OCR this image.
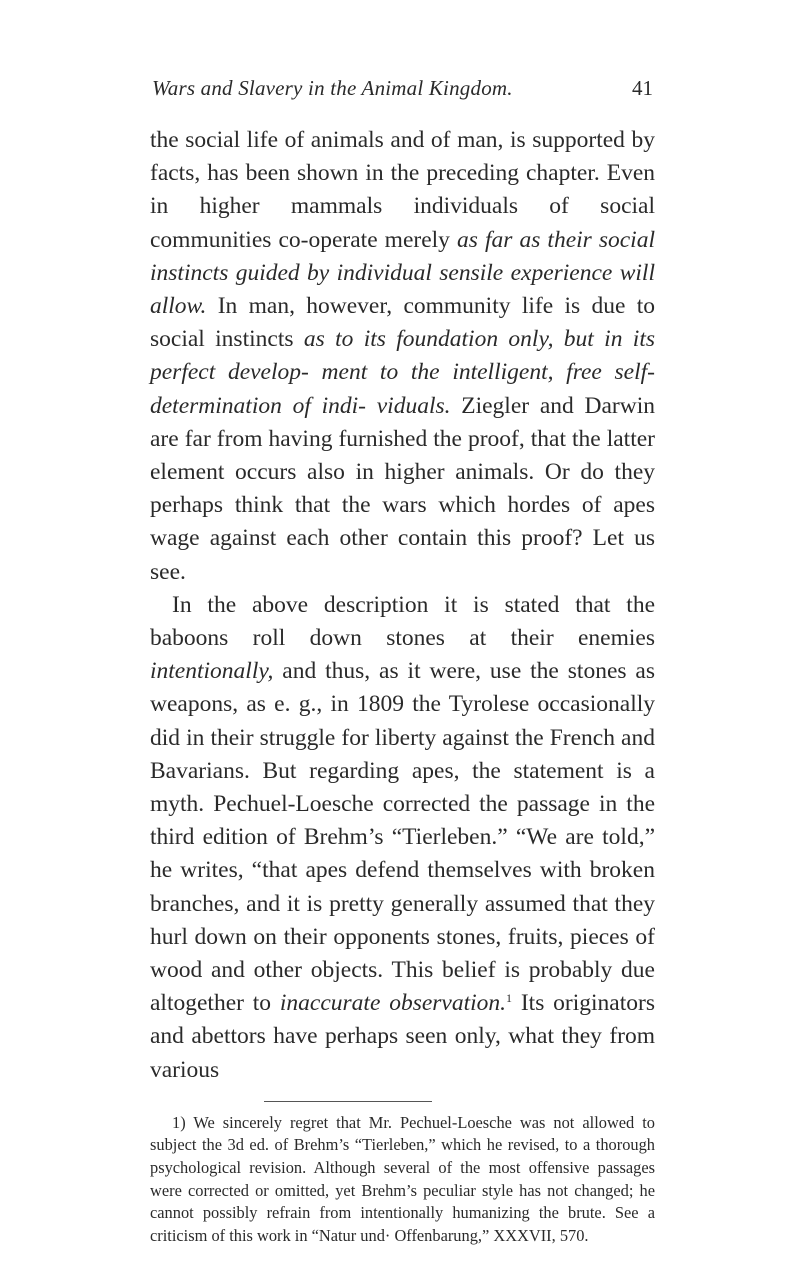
Wars and Slavery in the Animal Kingdom.	41

the social life of animals and of man, is supported by facts, has been shown in the preceding chapter. Even in higher mammals individuals of social communities co-operate merely as far as their social instincts guided by individual sensile experience will allow. In man, however, community life is due to social instincts as to its foundation only, but in its perfect develop- ment to the intelligent, free self-determination of indi- viduals. Ziegler and Darwin are far from having furnished the proof, that the latter element occurs also in higher animals. Or do they perhaps think that the wars which hordes of apes wage against each other contain this proof? Let us see.

In the above description it is stated that the baboons roll down stones at their enemies intentionally, and thus, as it were, use the stones as weapons, as e. g., in 1809 the Tyrolese occasionally did in their struggle for liberty against the French and Bavarians. But regarding apes, the statement is a myth. Pechuel-Loesche corrected the passage in the third edition of Brehm’s “Tierleben.” “We are told,” he writes, “that apes defend themselves with broken branches, and it is pretty generally assumed that they hurl down on their opponents stones, fruits, pieces of wood and other objects. This belief is probably due altogether to inaccurate observation.$^1$ Its originators and abettors have perhaps seen only, what they from various

1) We sincerely regret that Mr. Pechuel-Loesche was not allowed to subject the 3d ed. of Brehm’s “Tierleben,” which he revised, to a thorough psychological revision. Although several of the most offensive passages were corrected or omitted, yet Brehm’s peculiar style has not changed; he cannot possibly refrain from intentionally humanizing the brute. See a criticism of this work in “Natur und· Offenbarung,” XXXVII, 570.
